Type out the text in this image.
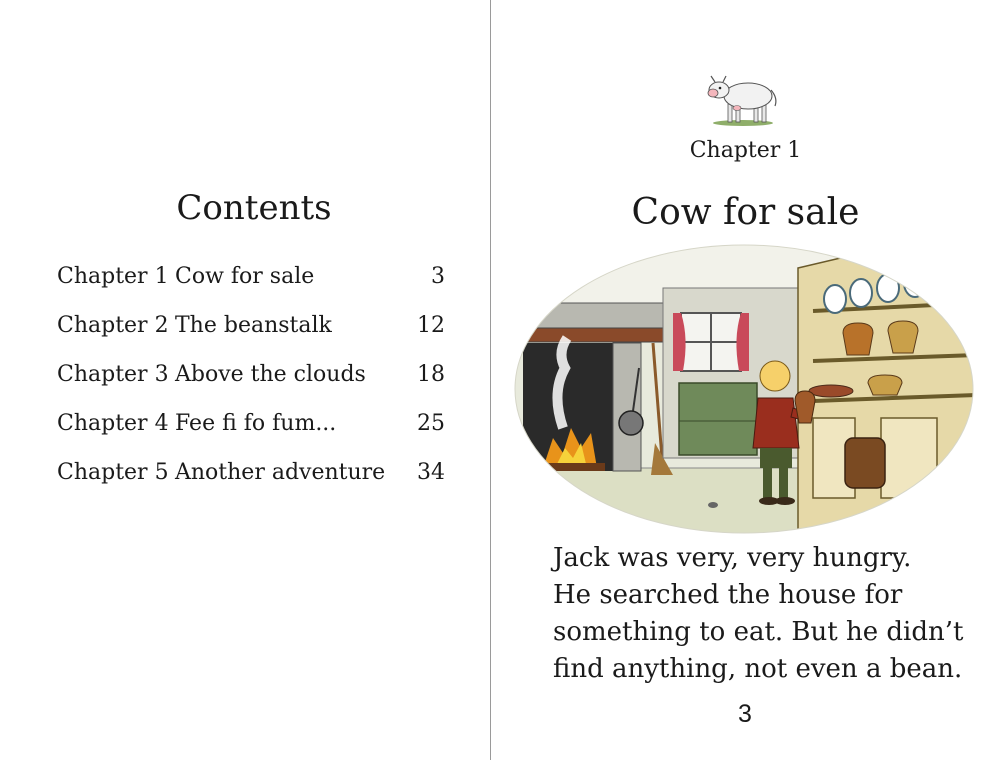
Contents
Chapter 1 Cow for sale	3
Chapter 2 The beanstalk	12
Chapter 3 Above the clouds 18
Chapter 4 Fee fi fo fum...	25
Chapter 5 Another adventure 34
Chapter 1
Cow for sale

Jack was very, very hungry.
He searched the house for
something to eat. But he didn’t
find anything, not even a bean.

3
